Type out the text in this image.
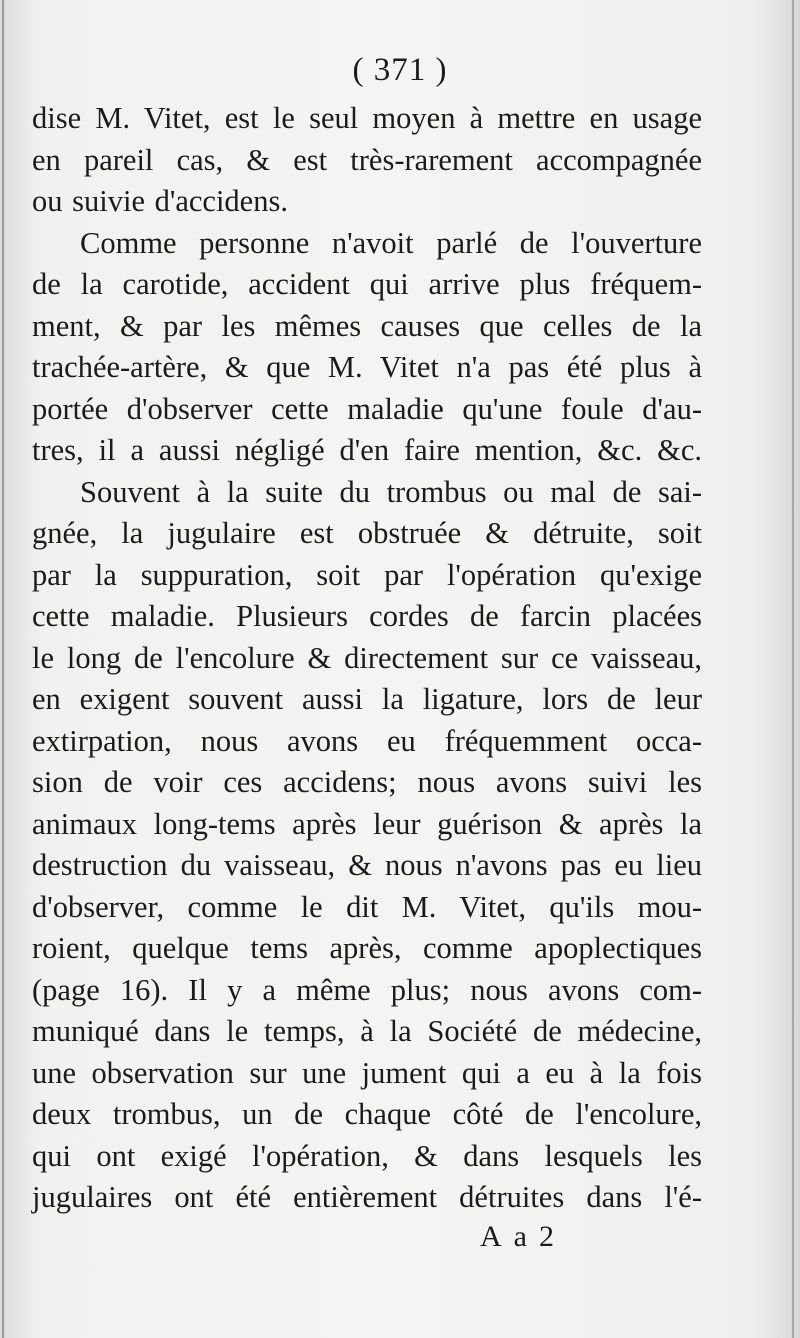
( 371 )
dise M. Vitet, est le seul moyen à mettre en usage
en pareil cas, & est très-rarement accompagnée
ou suivie d'accidens.
Comme personne n'avoit parlé de l'ouverture
de la carotide, accident qui arrive plus fréquem-
ment, & par les mêmes causes que celles de la
trachée-artère, & que M. Vitet n'a pas été plus à
portée d'observer cette maladie qu'une foule d'au-
tres, il a aussi négligé d'en faire mention, &c. &c.
Souvent à la suite du trombus ou mal de sai-
gnée, la jugulaire est obstruée & détruite, soit
par la suppuration, soit par l'opération qu'exige
cette maladie. Plusieurs cordes de farcin placées
le long de l'encolure & directement sur ce vaisseau,
en exigent souvent aussi la ligature, lors de leur
extirpation, nous avons eu fréquemment occa-
sion de voir ces accidens; nous avons suivi les
animaux long-tems après leur guérison & après la
destruction du vaisseau, & nous n'avons pas eu lieu
d'observer, comme le dit M. Vitet, qu'ils mou-
roient, quelque tems après, comme apoplectiques
(page 16). Il y a même plus; nous avons com-
muniqué dans le temps, à la Société de médecine,
une observation sur une jument qui a eu à la fois
deux trombus, un de chaque côté de l'encolure,
qui ont exigé l'opération, & dans lesquels les
jugulaires ont été entièrement détruites dans l'é-
Aa2
